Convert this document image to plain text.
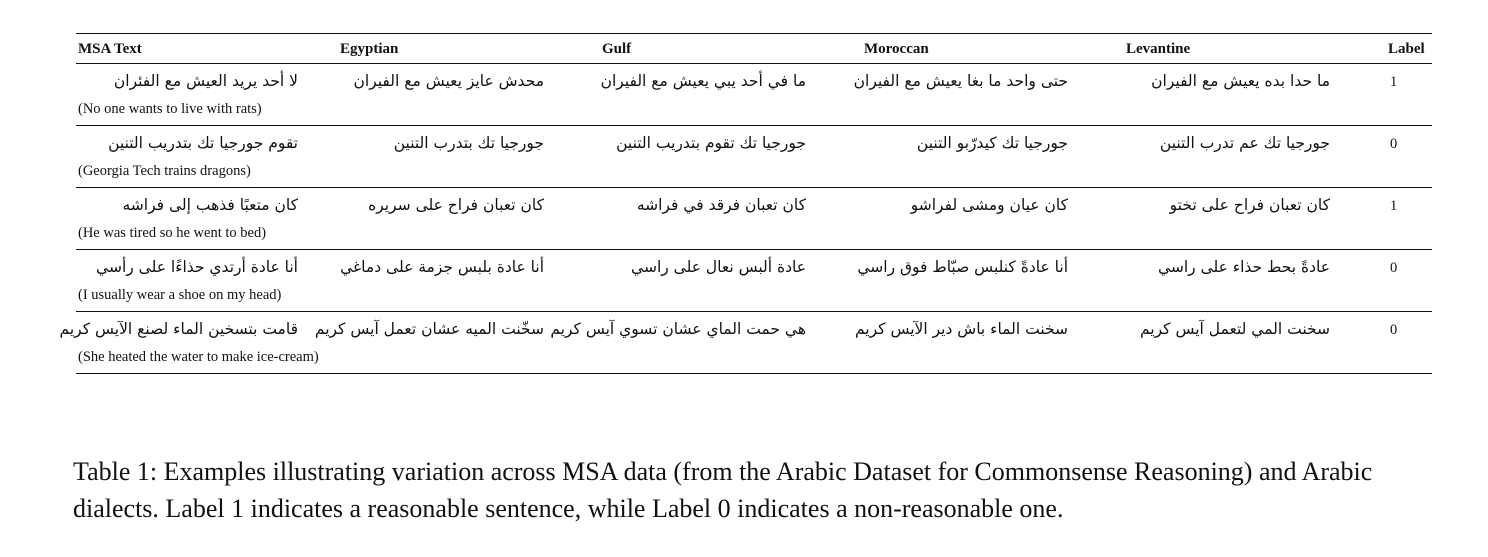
MSA Text	Egyptian	Gulf	Moroccan	Levantine	Label

لا أحد يريد العيش مع الفئران
(No one wants to live with rats)	محدش عايز يعيش مع الفيران	ما في أحد يبي يعيش مع الفيران	حتى واحد ما بغا يعيش مع الفيران	ما حدا بده يعيش مع الفيران	1

تقوم جورجيا تك بتدريب التنين
(Georgia Tech trains dragons)	جورجيا تك بتدرب التنين	جورجيا تك تقوم بتدريب التنين	جورجيا تك كيدرّبو التنين	جورجيا تك عم تدرب التنين	0

كان متعبًا فذهب إلى فراشه
(He was tired so he went to bed)	كان تعبان فراح على سريره	كان تعبان فرقد في فراشه	كان عيان ومشى لفراشو	كان تعبان فراح على تختو	1

أنا عادة أرتدي حذاءًا على رأسي
(I usually wear a shoe on my head)	أنا عادة بلبس جزمة على دماغي	عادة ألبس نعال على راسي	أنا عادةً كنلبس صبّاط فوق راسي	عادةً بحط حذاء على راسي	0

قامت بتسخين الماء لصنع الآيس كريم
(She heated the water to make ice-cream)	سخّنت الميه عشان تعمل آيس كريم	هي حمت الماي عشان تسوي آيس كريم	سخنت الماء باش دير الآيس كريم	سخنت المي لتعمل آيس كريم	0
Table 1: Examples illustrating variation across MSA data (from the Arabic Dataset for Commonsense Reasoning) and Arabic dialects. Label 1 indicates a reasonable sentence, while Label 0 indicates a non-reasonable one.
